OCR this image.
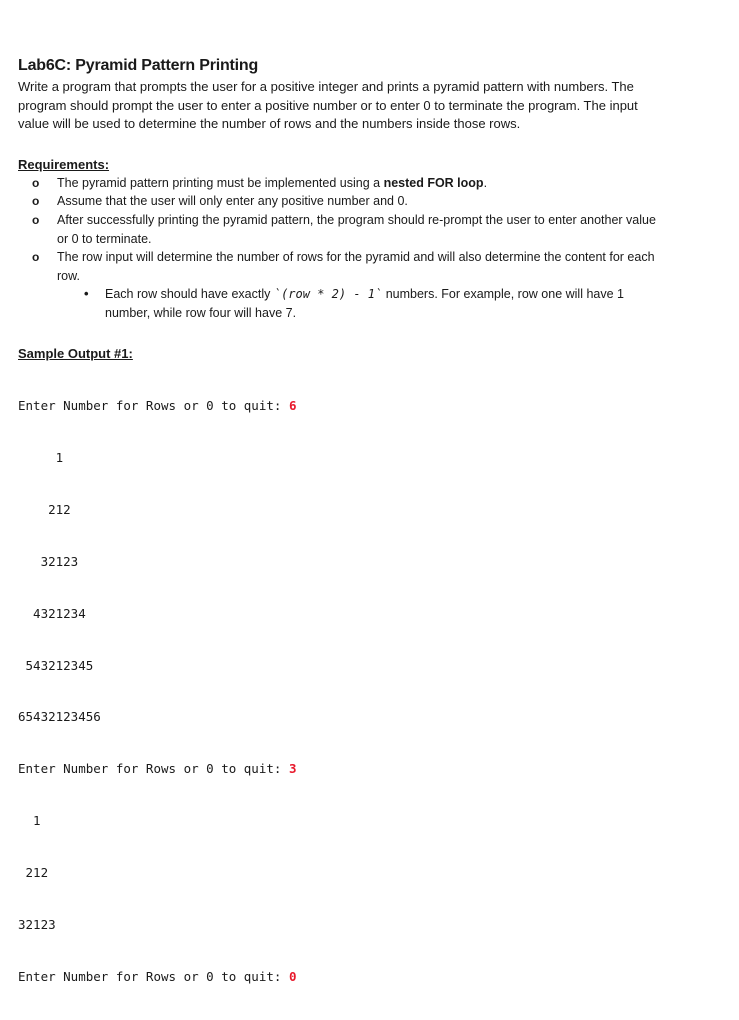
Lab6C: Pyramid Pattern Printing

Write a program that prompts the user for a positive integer and prints a pyramid pattern with numbers. The program should prompt the user to enter a positive number or to enter 0 to terminate the program. The input value will be used to determine the number of rows and the numbers inside those rows.

Requirements:
o The pyramid pattern printing must be implemented using a nested FOR loop.
o Assume that the user will only enter any positive number and 0.
o After successfully printing the pyramid pattern, the program should re-prompt the user to enter another value or 0 to terminate.
o The row input will determine the number of rows for the pyramid and will also determine the content for each row.
• Each row should have exactly `(row * 2) - 1` numbers. For example, row one will have 1 number, while row four will have 7.
Sample Output #1:

Enter Number for Rows or 0 to quit: 6

1

212

32123

4321234

543212345

65432123456

Enter Number for Rows or 0 to quit: 3

1

212

32123

Enter Number for Rows or 0 to quit: 0
